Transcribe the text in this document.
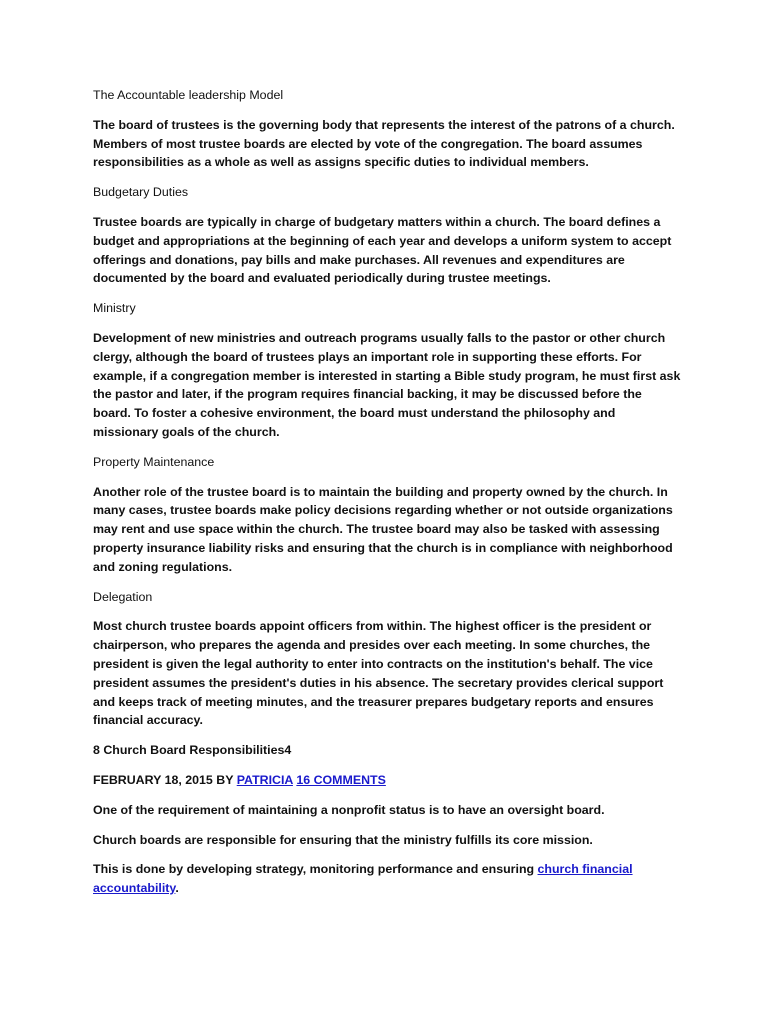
The Accountable leadership Model

The board of trustees is the governing body that represents the interest of the patrons of a church. Members of most trustee boards are elected by vote of the congregation. The board assumes responsibilities as a whole as well as assigns specific duties to individual members.

Budgetary Duties

Trustee boards are typically in charge of budgetary matters within a church. The board defines a budget and appropriations at the beginning of each year and develops a uniform system to accept offerings and donations, pay bills and make purchases. All revenues and expenditures are documented by the board and evaluated periodically during trustee meetings.

Ministry

Development of new ministries and outreach programs usually falls to the pastor or other church clergy, although the board of trustees plays an important role in supporting these efforts. For example, if a congregation member is interested in starting a Bible study program, he must first ask the pastor and later, if the program requires financial backing, it may be discussed before the board. To foster a cohesive environment, the board must understand the philosophy and missionary goals of the church.

Property Maintenance

Another role of the trustee board is to maintain the building and property owned by the church. In many cases, trustee boards make policy decisions regarding whether or not outside organizations may rent and use space within the church. The trustee board may also be tasked with assessing property insurance liability risks and ensuring that the church is in compliance with neighborhood and zoning regulations.

Delegation

Most church trustee boards appoint officers from within. The highest officer is the president or chairperson, who prepares the agenda and presides over each meeting. In some churches, the president is given the legal authority to enter into contracts on the institution's behalf. The vice president assumes the president's duties in his absence. The secretary provides clerical support and keeps track of meeting minutes, and the treasurer prepares budgetary reports and ensures financial accuracy.

8 Church Board Responsibilities4

FEBRUARY 18, 2015 BY PATRICIA 16 COMMENTS

One of the requirement of maintaining a nonprofit status is to have an oversight board.

Church boards are responsible for ensuring that the ministry fulfills its core mission.

This is done by developing strategy, monitoring performance and ensuring church financial accountability.
